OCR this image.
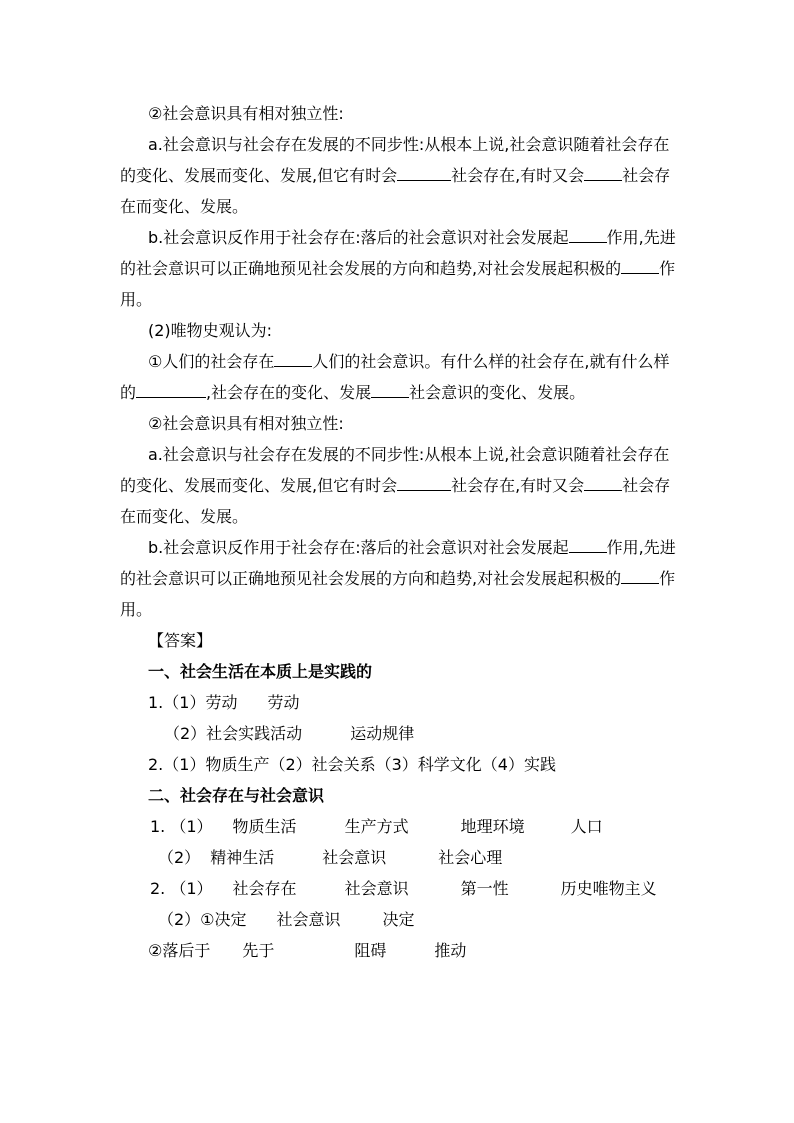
②社会意识具有相对独立性:
a.社会意识与社会存在发展的不同步性:从根本上说,社会意识随着社会存在
的变化、发展而变化、发展,但它有时会	社会存在,有时又会 社会存
在而变化、发展。
b.社会意识反作用于社会存在:落后的社会意识对社会发展起 作用,先进
的社会意识可以正确地预见社会发展的方向和趋势,对社会发展起积极的 作
用。
(2)唯物史观认为:
①人们的社会存在 人们的社会意识。有什么样的社会存在,就有什么样
的	,社会存在的变化、发展 社会意识的变化、发展。
②社会意识具有相对独立性:
a.社会意识与社会存在发展的不同步性:从根本上说,社会意识随着社会存在
的变化、发展而变化、发展,但它有时会	社会存在,有时又会 社会存
在而变化、发展。
b.社会意识反作用于社会存在:落后的社会意识对社会发展起 作用,先进
的社会意识可以正确地预见社会发展的方向和趋势,对社会发展起积极的 作
用。
【答案】
一、社会生活在本质上是实践的
1.（1）劳动 劳动
（2）社会实践活动	运动规律
2.（1）物质生产（2）社会关系（3）科学文化（4）实践
二、社会存在与社会意识
1. （1） 物质生活	生产方式	地理环境	人口
（2） 精神生活	社会意识	社会心理
2. （1） 社会存在	社会意识	第一性	历史唯物主义
（2）①决定 社会意识	决定
②落后于 先于	阻碍	推动
